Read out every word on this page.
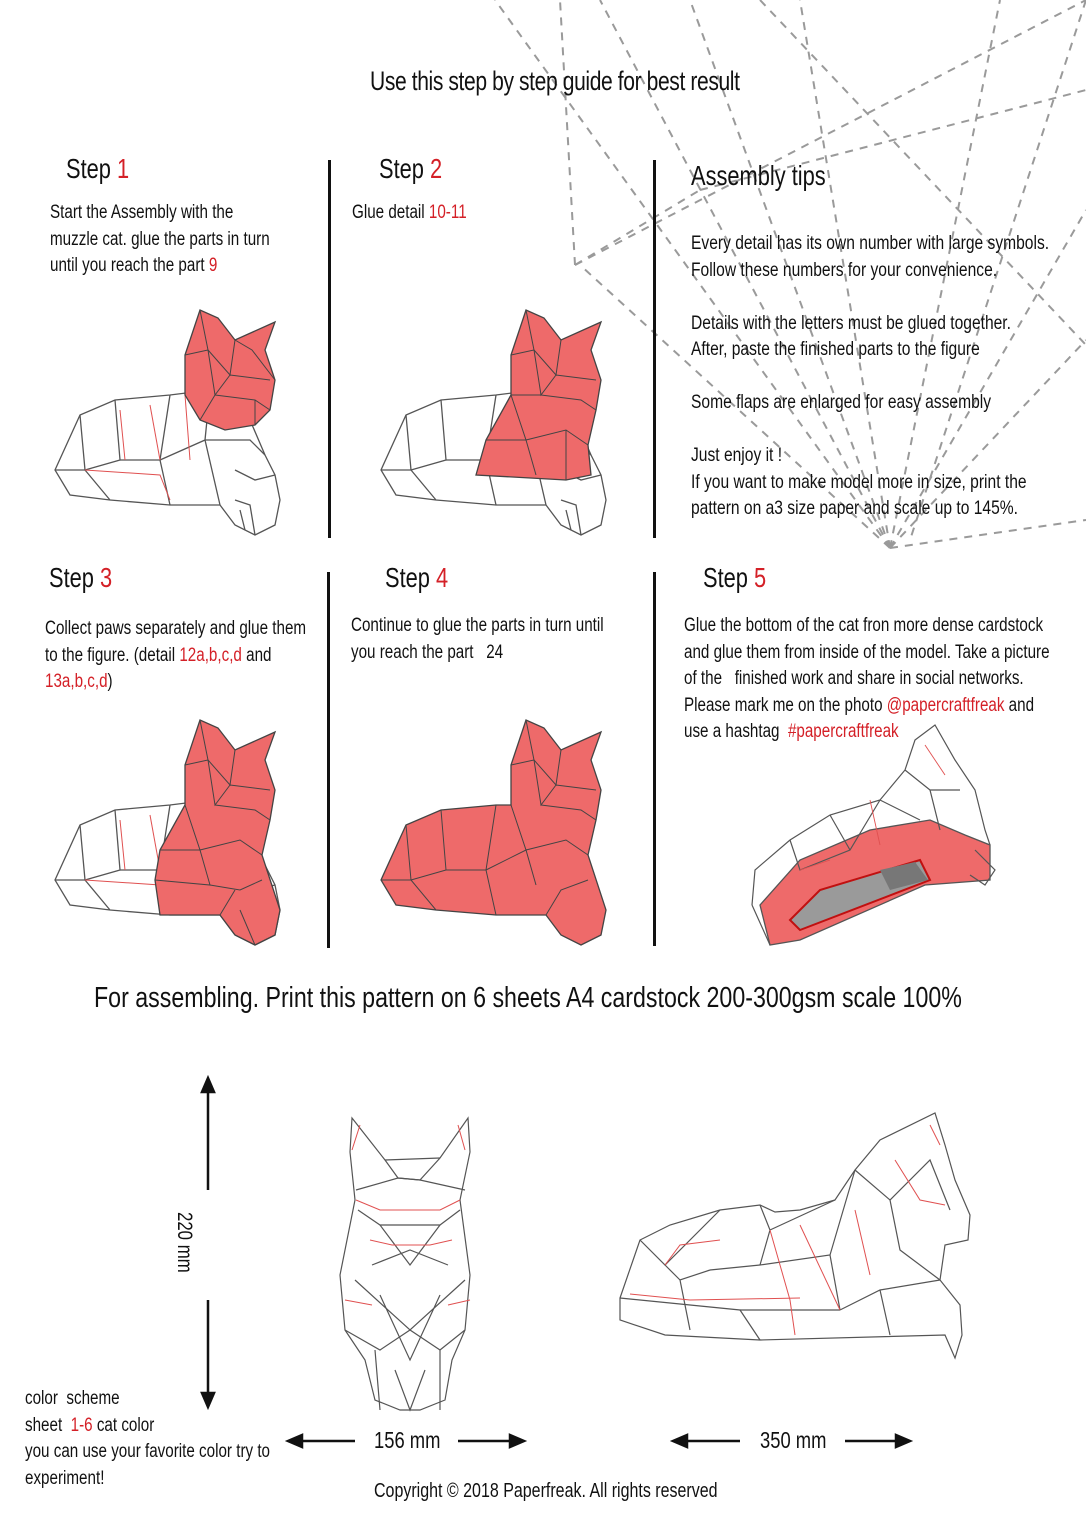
Use this step by step guide for best result
Step 1
Start the Assembly with the
muzzle cat. glue the parts in turn
until you reach the part 9
Step 2
Glue detail 10-11
Assembly tips
Every detail has its own number with large symbols.
Follow these numbers for your convenience.
Details with the letters must be glued together.
After, paste the finished parts to the figure
Some flaps are enlarged for easy assembly
Just enjoy it !
If you want to make model more in size, print the
pattern on a3 size paper and scale up to 145%.
Step 3
Collect paws separately and glue them
to the figure. (detail 12a,b,c,d and
13a,b,c,d)
Step 4
Continue to glue the parts in turn until
you reach the part   24
Step 5
Glue the bottom of the cat fron more dense cardstock
and glue them from inside of the model. Take a picture
of the   finished work and share in social networks.
Please mark me on the photo @papercraftfreak and
use a hashtag  #papercraftfreak
For assembling. Print this pattern on 6 sheets A4 cardstock 200-300gsm scale 100%
220 mm
156 mm	350 mm
color  scheme
sheet  1-6 cat color
you can use your favorite color try to
experiment!
Copyright © 2018 Paperfreak. All rights reserved
